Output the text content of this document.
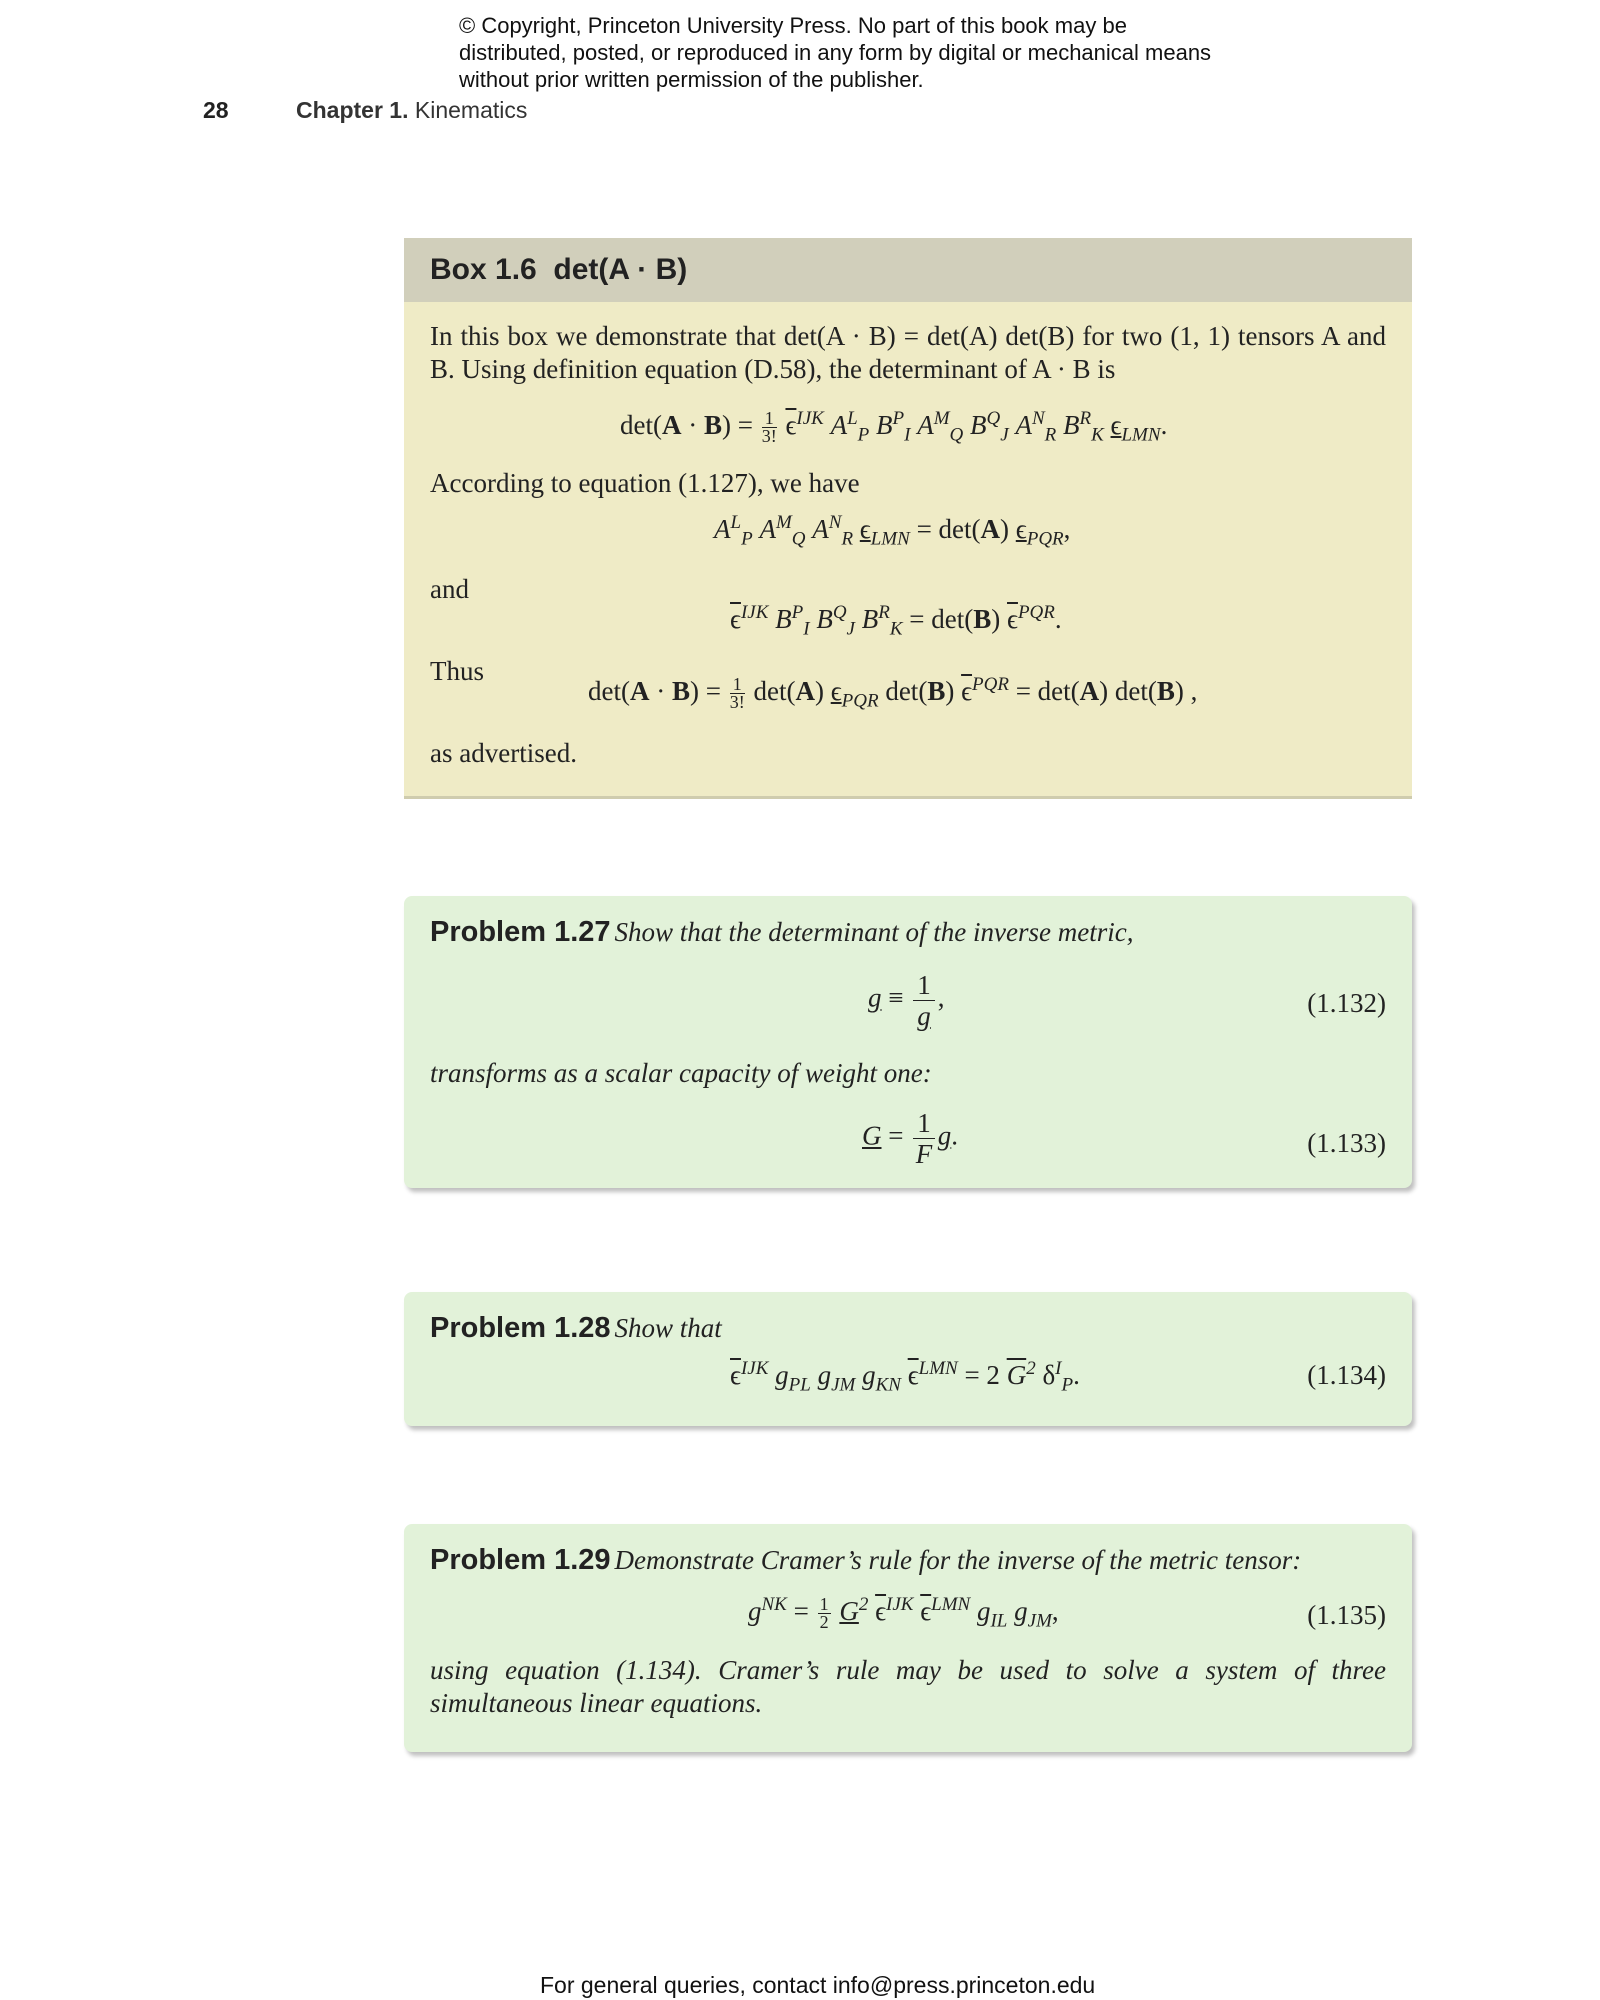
© Copyright, Princeton University Press. No part of this book may be distributed, posted, or reproduced in any form by digital or mechanical means without prior written permission of the publisher.
28	Chapter 1. Kinematics
Box 1.6 det(A · B)
In this box we demonstrate that det(A · B) = det(A) det(B) for two (1, 1) tensors A and B. Using definition equation (D.58), the determinant of A · B is
$\det(A \cdot B) = \frac{1}{3!} \overline{\epsilon}^{IJK}$ $A^L_P$ $B^P_I$ $A^M_Q$ $B^Q_J$ $A^N_R$ $B^R_K$ $\epsilon_{LMN}$.
According to equation (1.127), we have
$A^L_P$ $A^M_Q$ $A^N_R$ $\epsilon_{LMN} = \det(A)$ $\epsilon_{PQR}$,
and
$\overline{\epsilon}^{IJK}$ $B^P_I$ $B^Q_J$ $B^R_K = \det(B)$ $\overline{\epsilon}^{PQR}$.
Thus
$\det(A \cdot B) = \frac{1}{3!} \det(A)$ $\epsilon_{PQR}$ det(B) $\overline{\epsilon}^{PQR} = \det(A)$ det(B) ,
as advertised.
Problem 1.27 Show that the determinant of the inverse metric,
$g \equiv \frac{1}{g}$ ,	(1.132)
transforms as a scalar capacity of weight one:
$G = \frac{1}{F} g$.	(1.133)
Problem 1.28 Show that
$\overline{\epsilon}^{IJK}$ $g_{PL}$ $g_{JM}$ $g_{KN}$ $\overline{\epsilon}^{LMN} = 2$ $\overline{G}^2$ $\delta^I_P$.	(1.134)
Problem 1.29 Demonstrate Cramer’s rule for the inverse of the metric tensor:
$g^{NK} = \frac{1}{2} G^2$ $\overline{\epsilon}^{IJK}$ $\overline{\epsilon}^{LMN}$ $g_{IL}$ $g_{JM}$,	(1.135)
using equation (1.134). Cramer’s rule may be used to solve a system of three simultaneous linear equations.
For general queries, contact info@press.princeton.edu
